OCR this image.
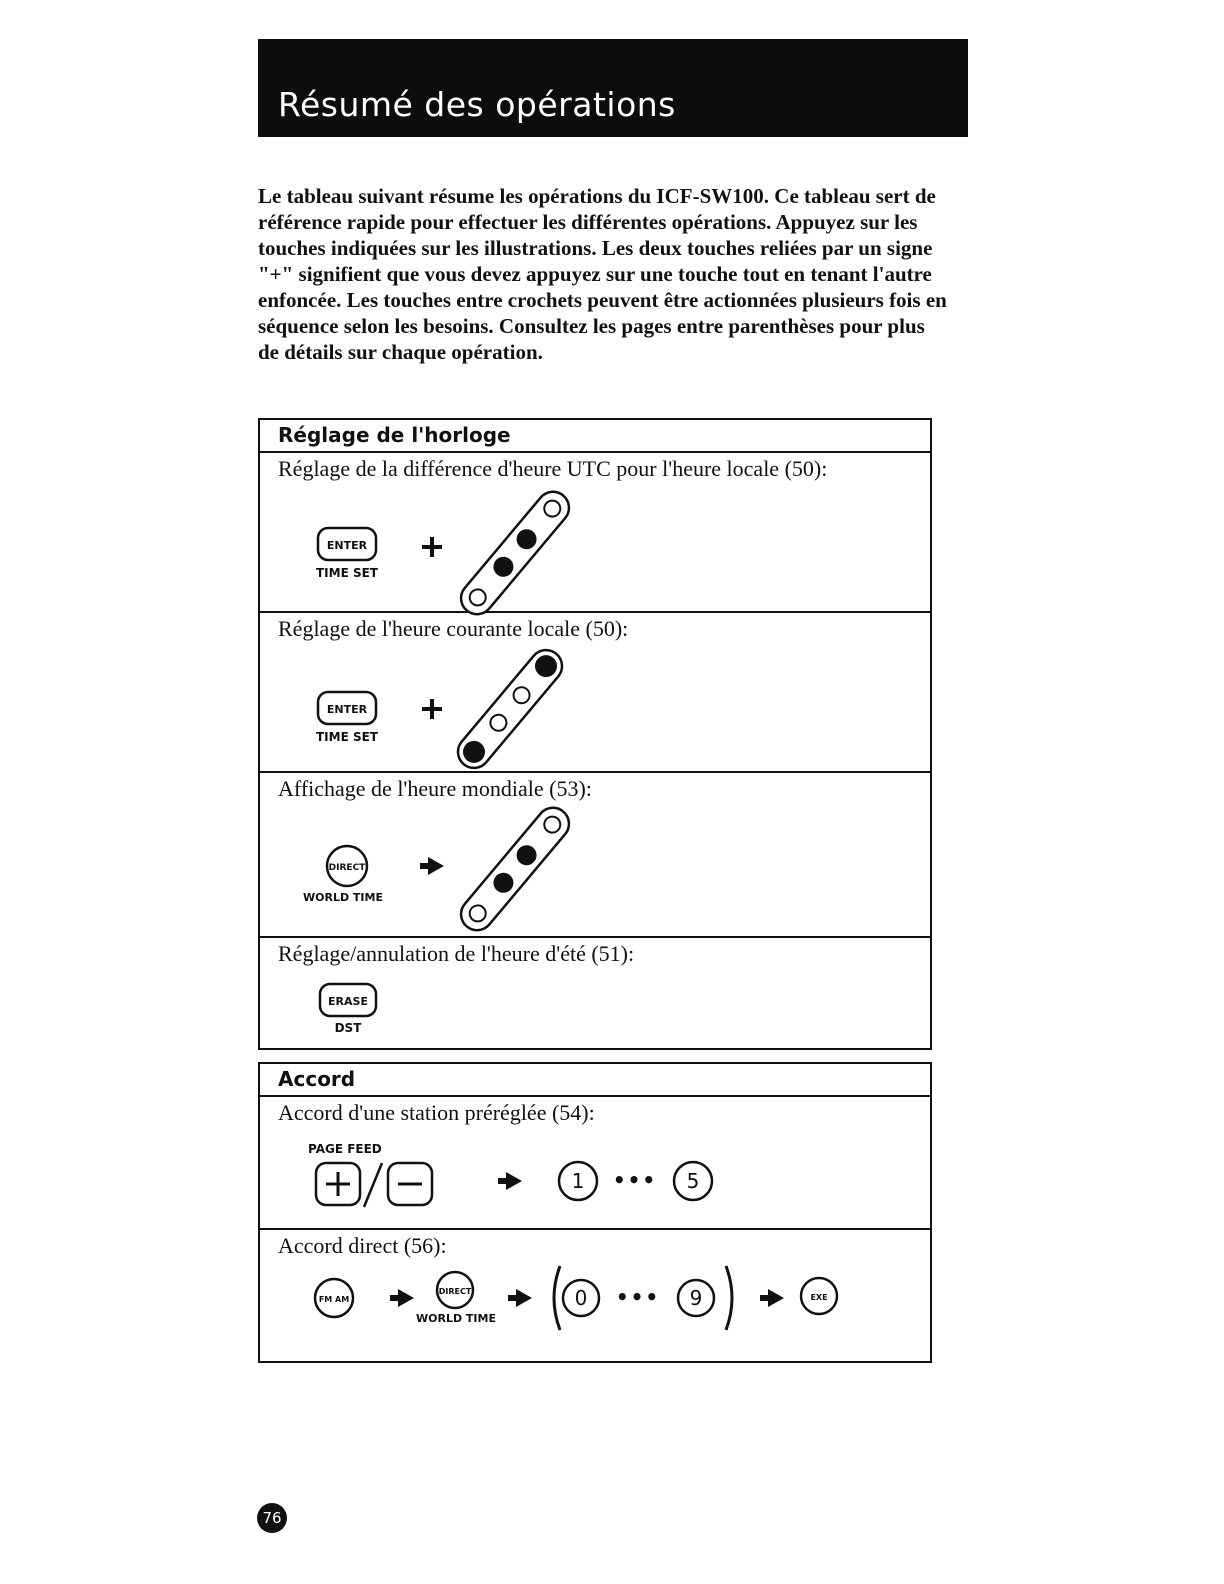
Résumé des opérations

Le tableau suivant résume les opérations du ICF-SW100. Ce tableau sert de référence rapide pour effectuer les différentes opérations. Appuyez sur les touches indiquées sur les illustrations. Les deux touches reliées par un signe "+" signifient que vous devez appuyez sur une touche tout en tenant l'autre enfoncée. Les touches entre crochets peuvent être actionnées plusieurs fois en séquence selon les besoins. Consultez les pages entre parenthèses pour plus de détails sur chaque opération.

Réglage de l'horloge
Réglage de la différence d'heure UTC pour l'heure locale (50):
ENTER
TIME SET
Réglage de l'heure courante locale (50):
ENTER
TIME SET
Affichage de l'heure mondiale (53):
DIRECT
WORLD TIME
Réglage/annulation de l'heure d'été (51):
ERASE
DST
Accord
Accord d'une station préréglée (54):
PAGE FEED
1 ••• 5
Accord direct (56):
FM AM
DIRECT
WORLD TIME
0 ••• 9	EXE
76
